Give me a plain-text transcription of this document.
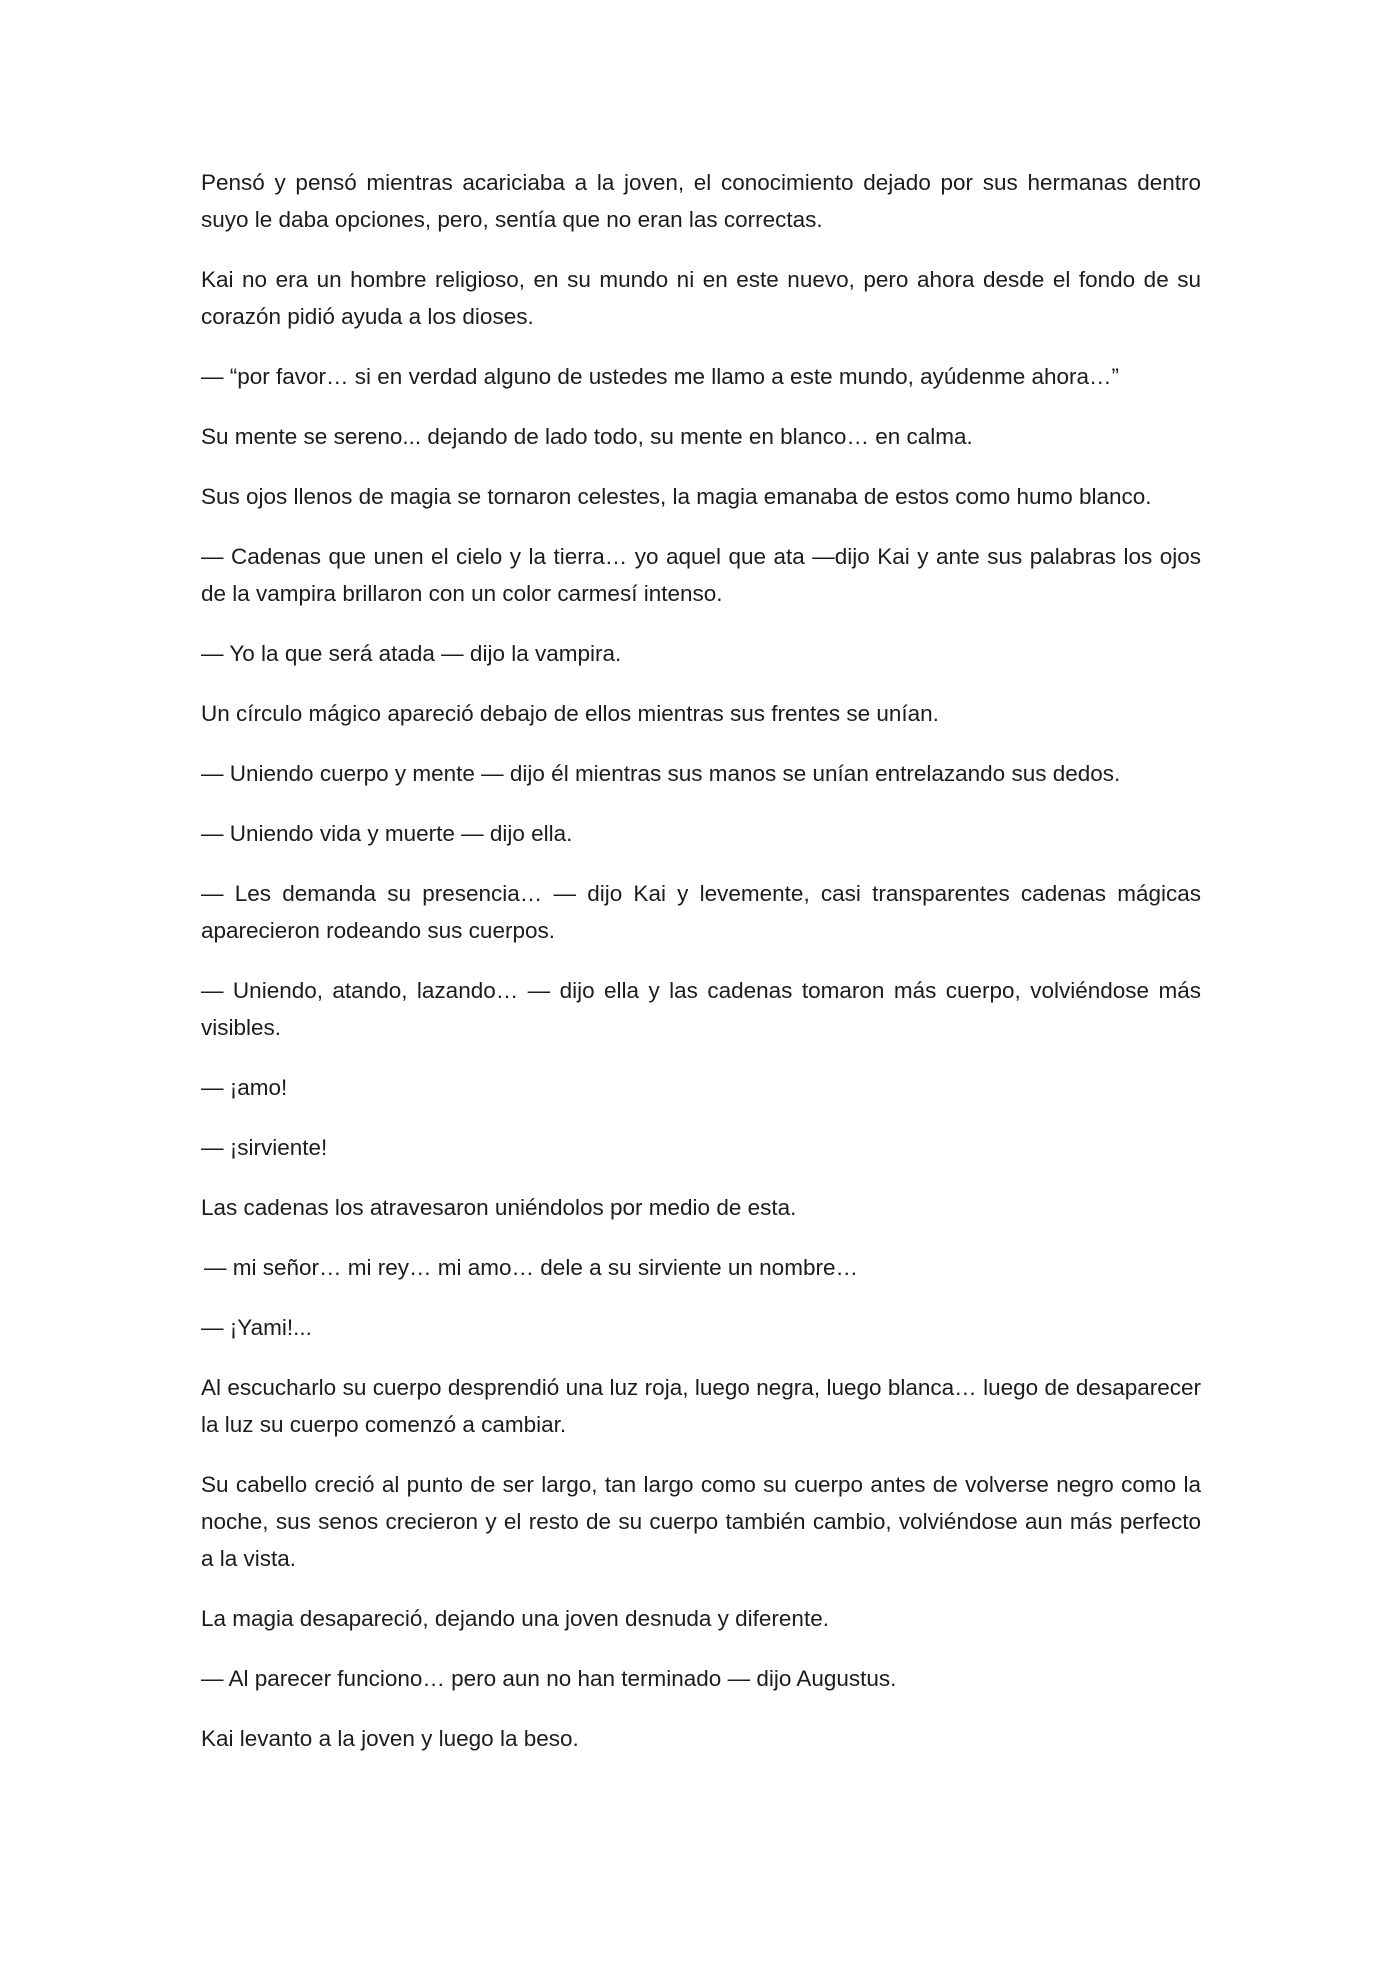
Pensó y pensó mientras acariciaba a la joven, el conocimiento dejado por sus hermanas dentro suyo le daba opciones, pero, sentía que no eran las correctas.

Kai no era un hombre religioso, en su mundo ni en este nuevo, pero ahora desde el fondo de su corazón pidió ayuda a los dioses.

— “por favor… si en verdad alguno de ustedes me llamo a este mundo, ayúdenme ahora…”

Su mente se sereno... dejando de lado todo, su mente en blanco… en calma.

Sus ojos llenos de magia se tornaron celestes, la magia emanaba de estos como humo blanco.

— Cadenas que unen el cielo y la tierra… yo aquel que ata —dijo Kai y ante sus palabras los ojos de la vampira brillaron con un color carmesí intenso.

— Yo la que será atada — dijo la vampira.

Un círculo mágico apareció debajo de ellos mientras sus frentes se unían.

— Uniendo cuerpo y mente — dijo él mientras sus manos se unían entrelazando sus dedos.

— Uniendo vida y muerte — dijo ella.

— Les demanda su presencia… — dijo Kai y levemente, casi transparentes cadenas mágicas aparecieron rodeando sus cuerpos.

— Uniendo, atando, lazando… — dijo ella y las cadenas tomaron más cuerpo, volviéndose más visibles.

— ¡amo!

— ¡sirviente!

Las cadenas los atravesaron uniéndolos por medio de esta.

— mi señor… mi rey… mi amo… dele a su sirviente un nombre…

— ¡Yami!...

Al escucharlo su cuerpo desprendió una luz roja, luego negra, luego blanca… luego de desaparecer la luz su cuerpo comenzó a cambiar.

Su cabello creció al punto de ser largo, tan largo como su cuerpo antes de volverse negro como la noche, sus senos crecieron y el resto de su cuerpo también cambio, volviéndose aun más perfecto a la vista.

La magia desapareció, dejando una joven desnuda y diferente.

— Al parecer funciono… pero aun no han terminado — dijo Augustus.

Kai levanto a la joven y luego la beso.
